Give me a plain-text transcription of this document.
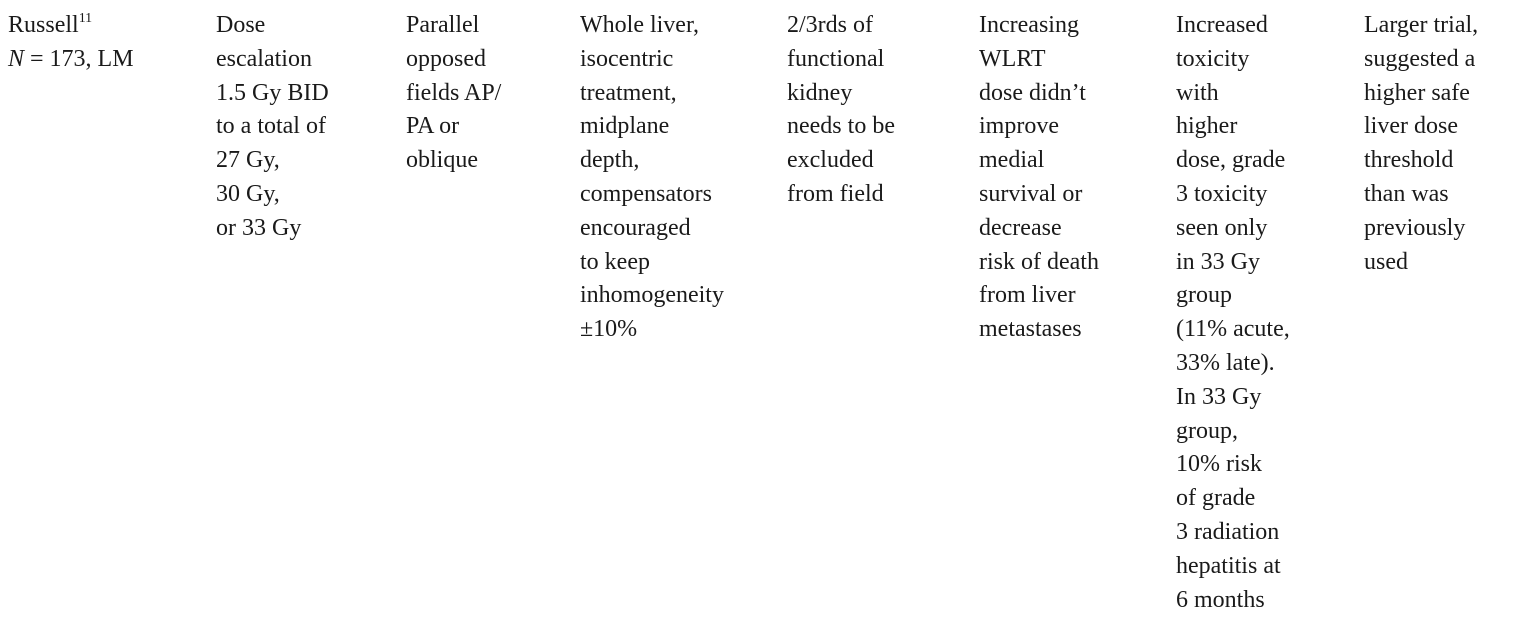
Russell$^{11}$
N = 173, LM
Dose
escalation
1.5 Gy BID
to a total of
27 Gy,
30 Gy,
or 33 Gy
Parallel
opposed
fields AP/
PA or
oblique
Whole liver,
isocentric
treatment,
midplane
depth,
compensators
encouraged
to keep
inhomogeneity
±10%
2/3rds of
functional
kidney
needs to be
excluded
from field
Increasing
WLRT
dose didn’t
improve
medial
survival or
decrease
risk of death
from liver
metastases
Increased
toxicity
with
higher
dose, grade
3 toxicity
seen only
in 33 Gy
group
(11% acute,
33% late).
In 33 Gy
group,
10% risk
of grade
3 radiation
hepatitis at
6 months
Larger trial,
suggested a
higher safe
liver dose
threshold
than was
previously
used
